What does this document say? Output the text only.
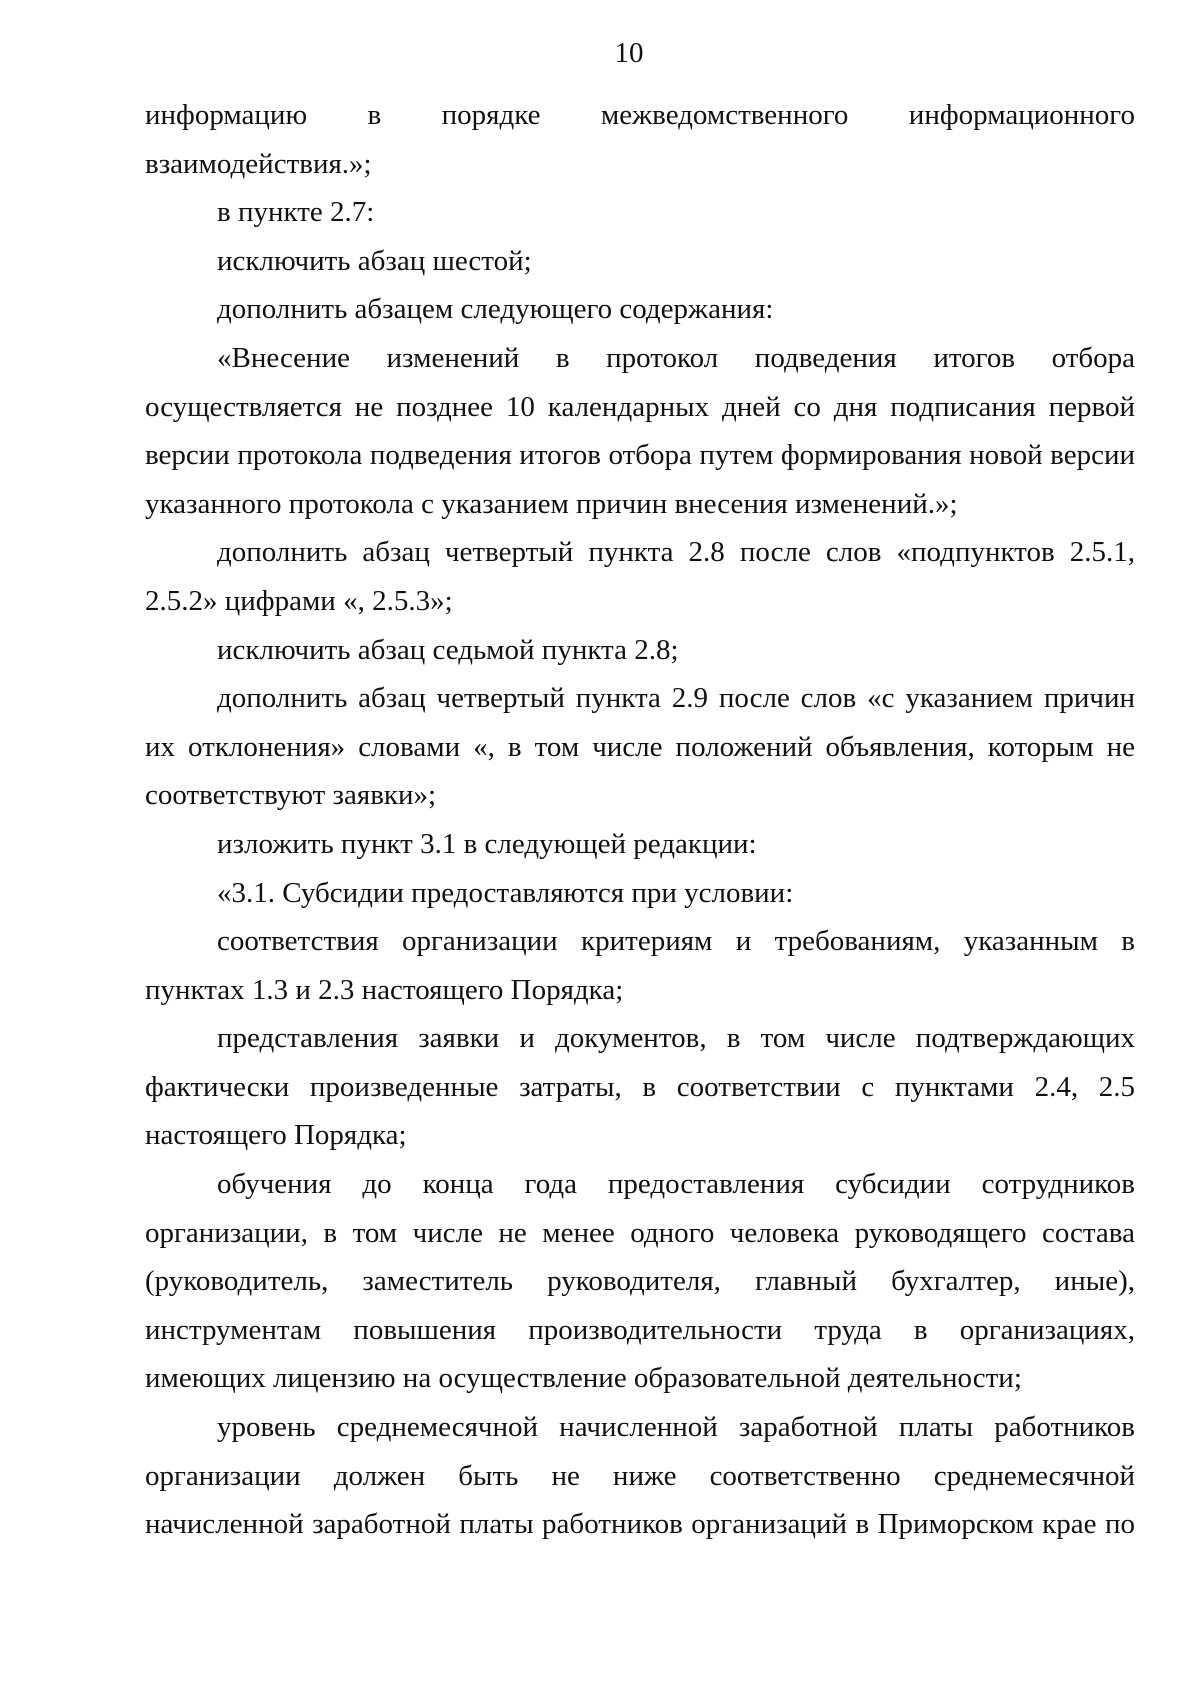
10
информацию в порядке межведомственного информационного

взаимодействия.»;

в пункте 2.7:

исключить абзац шестой;

дополнить абзацем следующего содержания:

«Внесение изменений в протокол подведения итогов отбора осуществляется не позднее 10 календарных дней со дня подписания первой версии протокола подведения итогов отбора путем формирования новой версии указанного протокола с указанием причин внесения изменений.»;

дополнить абзац четвертый пункта 2.8 после слов «подпунктов 2.5.1, 2.5.2» цифрами «, 2.5.3»;

исключить абзац седьмой пункта 2.8;

дополнить абзац четвертый пункта 2.9 после слов «с указанием причин их отклонения» словами «, в том числе положений объявления, которым не соответствуют заявки»;

изложить пункт 3.1 в следующей редакции:

«3.1. Субсидии предоставляются при условии:

соответствия организации критериям и требованиям, указанным в пунктах 1.3 и 2.3 настоящего Порядка;

представления заявки и документов, в том числе подтверждающих фактически произведенные затраты, в соответствии с пунктами 2.4, 2.5 настоящего Порядка;

обучения до конца года предоставления субсидии сотрудников организации, в том числе не менее одного человека руководящего состава (руководитель, заместитель руководителя, главный бухгалтер, иные), инструментам повышения производительности труда в организациях, имеющих лицензию на осуществление образовательной деятельности;

уровень среднемесячной начисленной заработной платы работников организации должен быть не ниже соответственно среднемесячной начисленной заработной платы работников организаций в Приморском крае по
